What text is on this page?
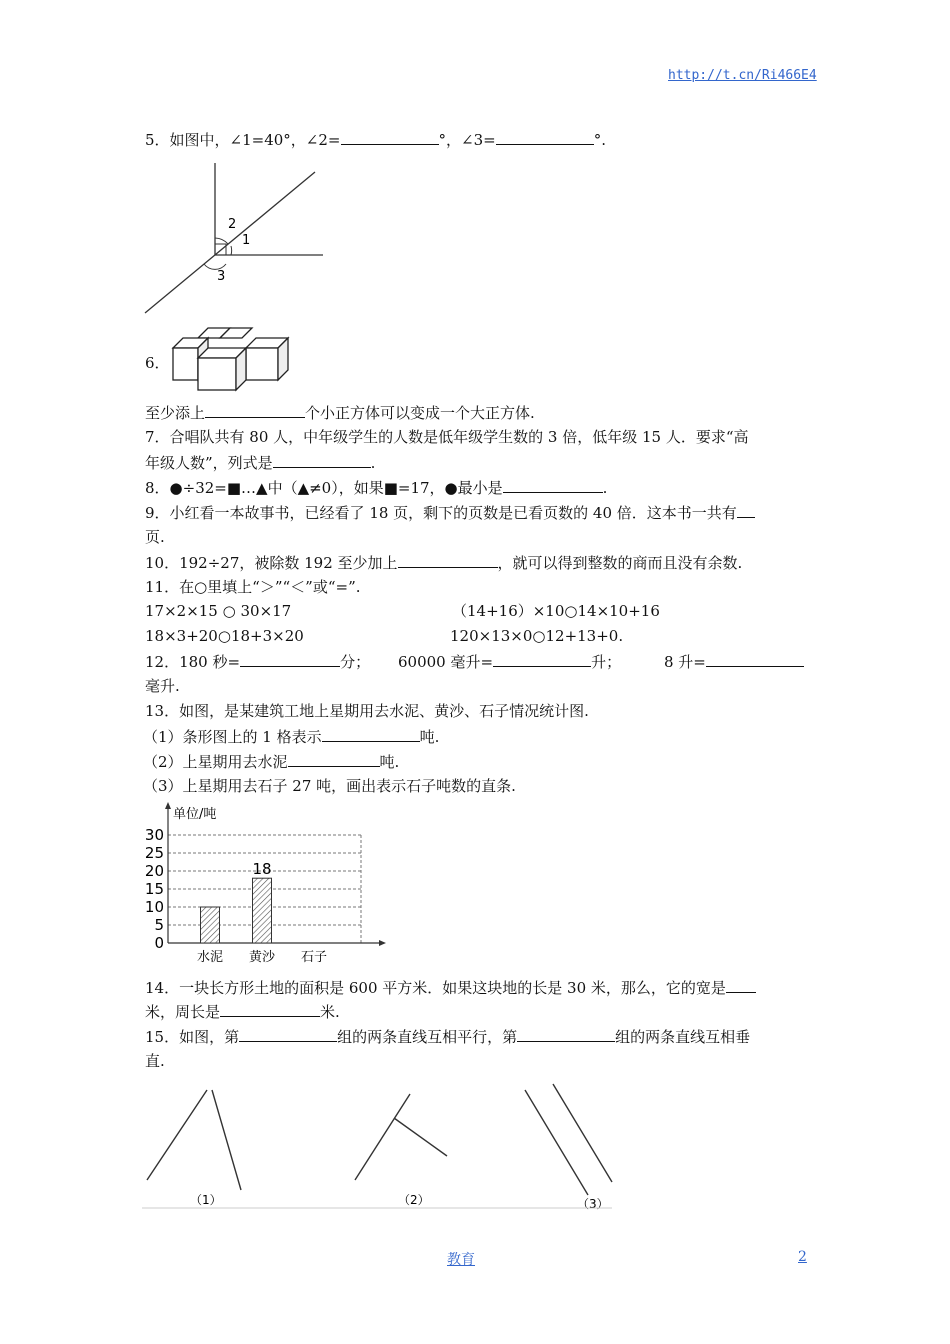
http://t.cn/Ri466E4
5．如图中，∠1=40°，∠2=	°，∠3=	°.
1
2
3
6．
至少添上	个小正方体可以变成一个大正方体.
7．合唱队共有 80 人，中年级学生的人数是低年级学生数的 3 倍，低年级 15 人．要求“高
年级人数”，列式是	.
8．●÷32=■…▲中（▲≠0），如果■=17，●最小是	.
9．小红看一本故事书，已经看了 18 页，剩下的页数是已看页数的 40 倍．这本书一共有
页.
10．192÷27，被除数 192 至少加上	，就可以得到整数的商而且没有余数.
11．在○里填上“＞”“＜”或“=”.
17×2×15 ○ 30×17	（14+16）×10○14×10+16
18×3+20○18+3×20	120×13×0○12+13+0.
12．180 秒=	分； 60000 毫升=	升；	8 升=
毫升.
13．如图，是某建筑工地上星期用去水泥、黄沙、石子情况统计图.
（1）条形图上的 1 格表示	吨.
（2）上星期用去水泥	吨.
（3）上星期用去石子 27 吨，画出表示石子吨数的直条.
0
5
10
15
20
25
30
单位/吨
18
水泥 黄沙 石子
14．一块长方形土地的面积是 600 平方米．如果这块地的长是 30 米，那么，它的宽是
米，周长是	米.
15．如图，第	组的两条直线互相平行，第	组的两条直线互相垂
直.
（1）	（2）	（3）
教育	2
